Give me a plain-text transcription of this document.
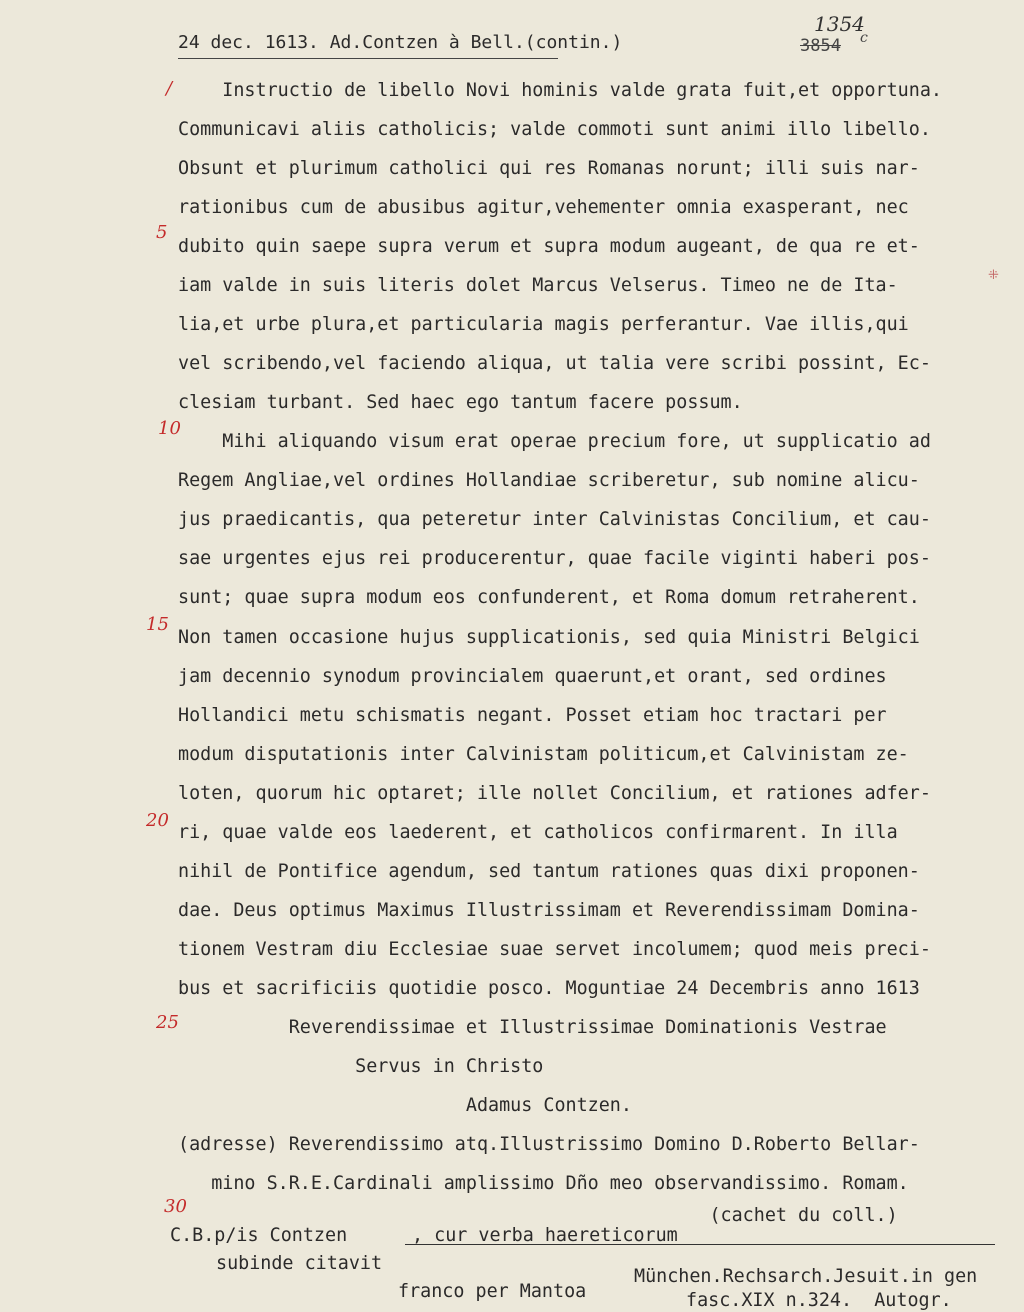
1354
c
3854
24 dec. 1613. Ad.Contzen à Bell.(contin.)
Instructio de libello Novi hominis valde grata fuit,et opportuna.
Communicavi aliis catholicis; valde commoti sunt animi illo libello.
Obsunt et plurimum catholici qui res Romanas norunt; illi suis nar-
rationibus cum de abusibus agitur,vehementer omnia exasperant, nec
dubito quin saepe supra verum et supra modum augeant, de qua re et-
iam valde in suis literis dolet Marcus Velserus. Timeo ne de Ita-
lia,et urbe plura,et particularia magis perferantur. Vae illis,qui
vel scribendo,vel faciendo aliqua, ut talia vere scribi possint, Ec-
clesiam turbant. Sed haec ego tantum facere possum.
Mihi aliquando visum erat operae precium fore, ut supplicatio ad
Regem Angliae,vel ordines Hollandiae scriberetur, sub nomine alicu-
jus praedicantis, qua peteretur inter Calvinistas Concilium, et cau-
sae urgentes ejus rei producerentur, quae facile viginti haberi pos-
sunt; quae supra modum eos confunderent, et Roma domum retraherent.
Non tamen occasione hujus supplicationis, sed quia Ministri Belgici
jam decennio synodum provincialem quaerunt,et orant, sed ordines
Hollandici metu schismatis negant. Posset etiam hoc tractari per
modum disputationis inter Calvinistam politicum,et Calvinistam ze-
loten, quorum hic optaret; ille nollet Concilium, et rationes adfer-
ri, quae valde eos laederent, et catholicos confirmarent. In illa
nihil de Pontifice agendum, sed tantum rationes quas dixi proponen-
dae. Deus optimus Maximus Illustrissimam et Reverendissimam Domina-
tionem Vestram diu Ecclesiae suae servet incolumem; quod meis preci-
bus et sacrificiis quotidie posco. Moguntiae 24 Decembris anno 1613
Reverendissimae et Illustrissimae Dominationis Vestrae
Servus in Christo
Adamus Contzen.
(adresse) Reverendissimo atq.Illustrissimo Domino D.Roberto Bellar-
mino S.R.E.Cardinali amplissimo Dño meo observandissimo. Romam.
(cachet du coll.)
/
5
10
15
20
25
30
⁜
C.B.p/is Contzen	, cur verba haereticorum
subinde citavit
franco per Mantoa
München.Rechsarch.Jesuit.in gen
fasc.XIX n.324.  Autogr.
